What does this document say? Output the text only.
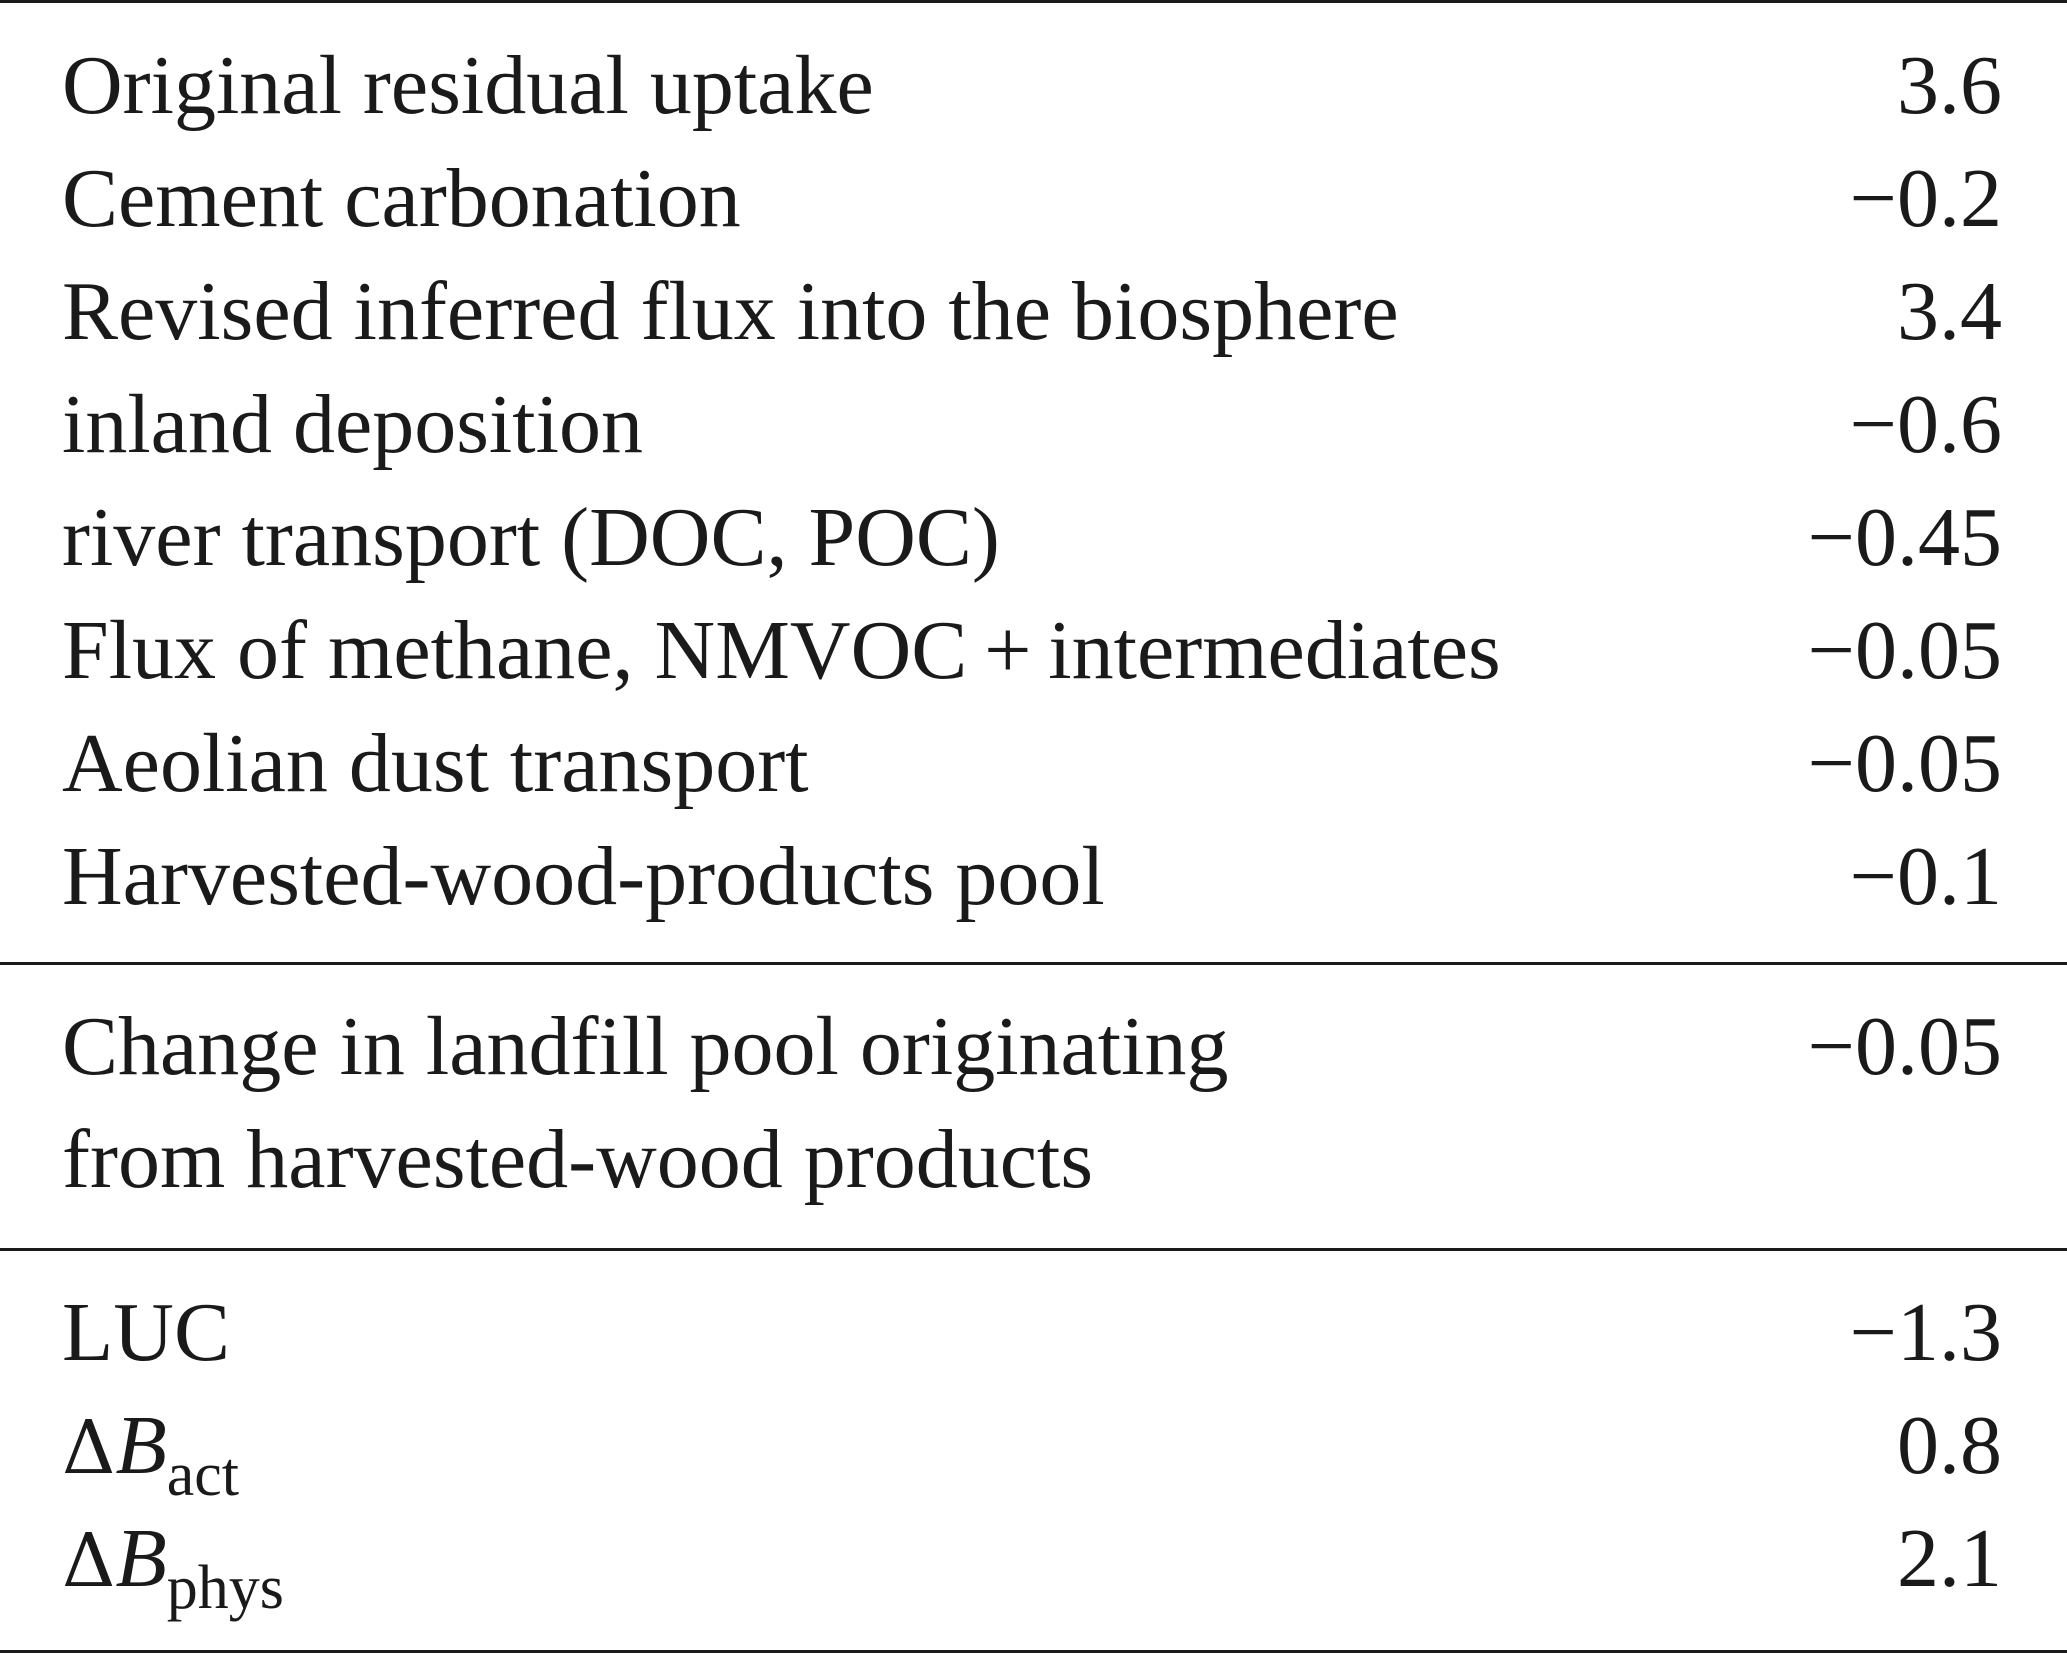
Original residual uptake	3.6
Cement carbonation	−0.2
Revised inferred flux into the biosphere	3.4
inland deposition	−0.6
river transport (DOC, POC)	−0.45
Flux of methane, NMVOC + intermediates	−0.05
Aeolian dust transport	−0.05
Harvested-wood-products pool	−0.1
Change in landfill pool originating	−0.05
from harvested-wood products
LUC	−1.3
$\Delta B_{act}$	0.8
$\Delta B_{phys}$	2.1
